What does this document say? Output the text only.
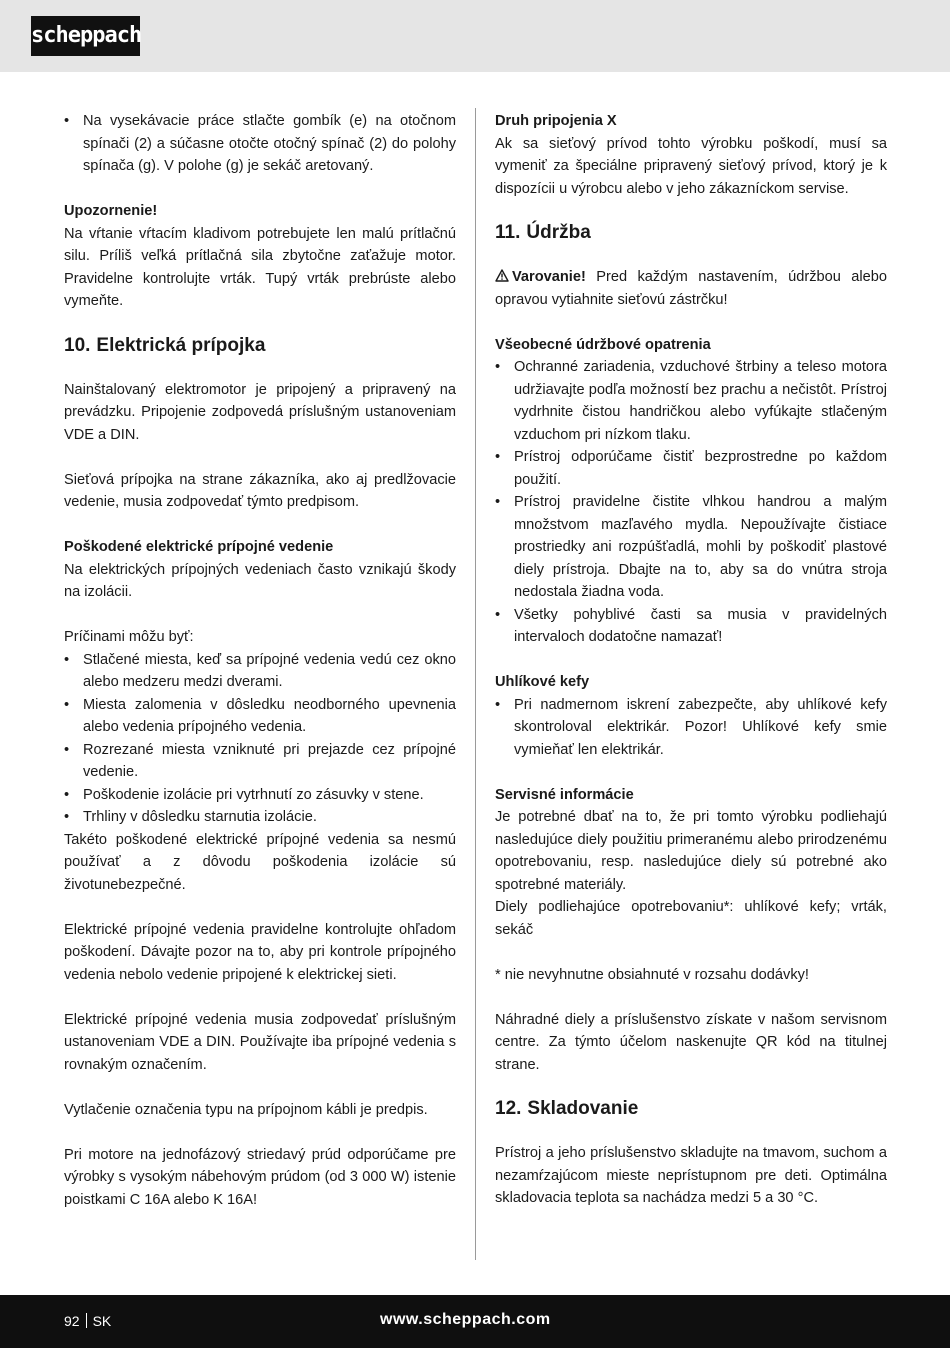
scheppach
• Na vysekávacie práce stlačte gombík (e) na otočnom spínači (2) a súčasne otočte otočný spínač (2) do polohy spínača (g). V polohe (g) je sekáč aretovaný.

Upozornenie!

Na vŕtanie vŕtacím kladivom potrebujete len malú prítlačnú silu. Príliš veľká prítlačná sila zbytočne zaťažuje motor. Pravidelne kontrolujte vrták. Tupý vrták prebrúste alebo vymeňte.

10. Elektrická prípojka

Nainštalovaný elektromotor je pripojený a pripravený na prevádzku. Pripojenie zodpovedá príslušným ustanoveniam VDE a DIN.

Sieťová prípojka na strane zákazníka, ako aj predlžovacie vedenie, musia zodpovedať týmto predpisom.

Poškodené elektrické prípojné vedenie

Na elektrických prípojných vedeniach často vznikajú škody na izolácii.

Príčinami môžu byť:

• Stlačené miesta, keď sa prípojné vedenia vedú cez okno alebo medzeru medzi dverami.
• Miesta zalomenia v dôsledku neodborného upevnenia alebo vedenia prípojného vedenia.
• Rozrezané miesta vzniknuté pri prejazde cez prípojné vedenie.
• Poškodenie izolácie pri vytrhnutí zo zásuvky v stene.
• Trhliny v dôsledku starnutia izolácie.

Takéto poškodené elektrické prípojné vedenia sa nesmú používať a z dôvodu poškodenia izolácie sú životunebezpečné.

Elektrické prípojné vedenia pravidelne kontrolujte ohľadom poškodení. Dávajte pozor na to, aby pri kontrole prípojného vedenia nebolo vedenie pripojené k elektrickej sieti.

Elektrické prípojné vedenia musia zodpovedať príslušným ustanoveniam VDE a DIN. Používajte iba prípojné vedenia s rovnakým označením.

Vytlačenie označenia typu na prípojnom kábli je predpis.

Pri motore na jednofázový striedavý prúd odporúčame pre výrobky s vysokým nábehovým prúdom (od 3 000 W) istenie poistkami C 16A alebo K 16A!

Druh pripojenia X

Ak sa sieťový prívod tohto výrobku poškodí, musí sa vymeniť za špeciálne pripravený sieťový prívod, ktorý je k dispozícii u výrobcu alebo v jeho zákazníckom servise.

11. Údržba

Varovanie! Pred každým nastavením, údržbou alebo opravou vytiahnite sieťovú zástrčku!

Všeobecné údržbové opatrenia

• Ochranné zariadenia, vzduchové štrbiny a teleso motora udržiavajte podľa možností bez prachu a nečistôt. Prístroj vydrhnite čistou handričkou alebo vyfúkajte stlačeným vzduchom pri nízkom tlaku.
• Prístroj odporúčame čistiť bezprostredne po každom použití.
• Prístroj pravidelne čistite vlhkou handrou a malým množstvom mazľavého mydla. Nepoužívajte čistiace prostriedky ani rozpúšťadlá, mohli by poškodiť plastové diely prístroja. Dbajte na to, aby sa do vnútra stroja nedostala žiadna voda.
• Všetky pohyblivé časti sa musia v pravidelných intervaloch dodatočne namazať!

Uhlíkové kefy

• Pri nadmernom iskrení zabezpečte, aby uhlíkové kefy skontroloval elektrikár. Pozor! Uhlíkové kefy smie vymieňať len elektrikár.

Servisné informácie

Je potrebné dbať na to, že pri tomto výrobku podliehajú nasledujúce diely použitiu primeranému alebo prirodzenému opotrebovaniu, resp. nasledujúce diely sú potrebné ako spotrebné materiály.

Diely podliehajúce opotrebovaniu*: uhlíkové kefy; vrták, sekáč

* nie nevyhnutne obsiahnuté v rozsahu dodávky!

Náhradné diely a príslušenstvo získate v našom servisnom centre. Za týmto účelom naskenujte QR kód na titulnej strane.

12. Skladovanie

Prístroj a jeho príslušenstvo skladujte na tmavom, suchom a nezamŕzajúcom mieste neprístupnom pre deti. Optimálna skladovacia teplota sa nachádza medzi 5 a 30 °C.

92 SK	www.scheppach.com
